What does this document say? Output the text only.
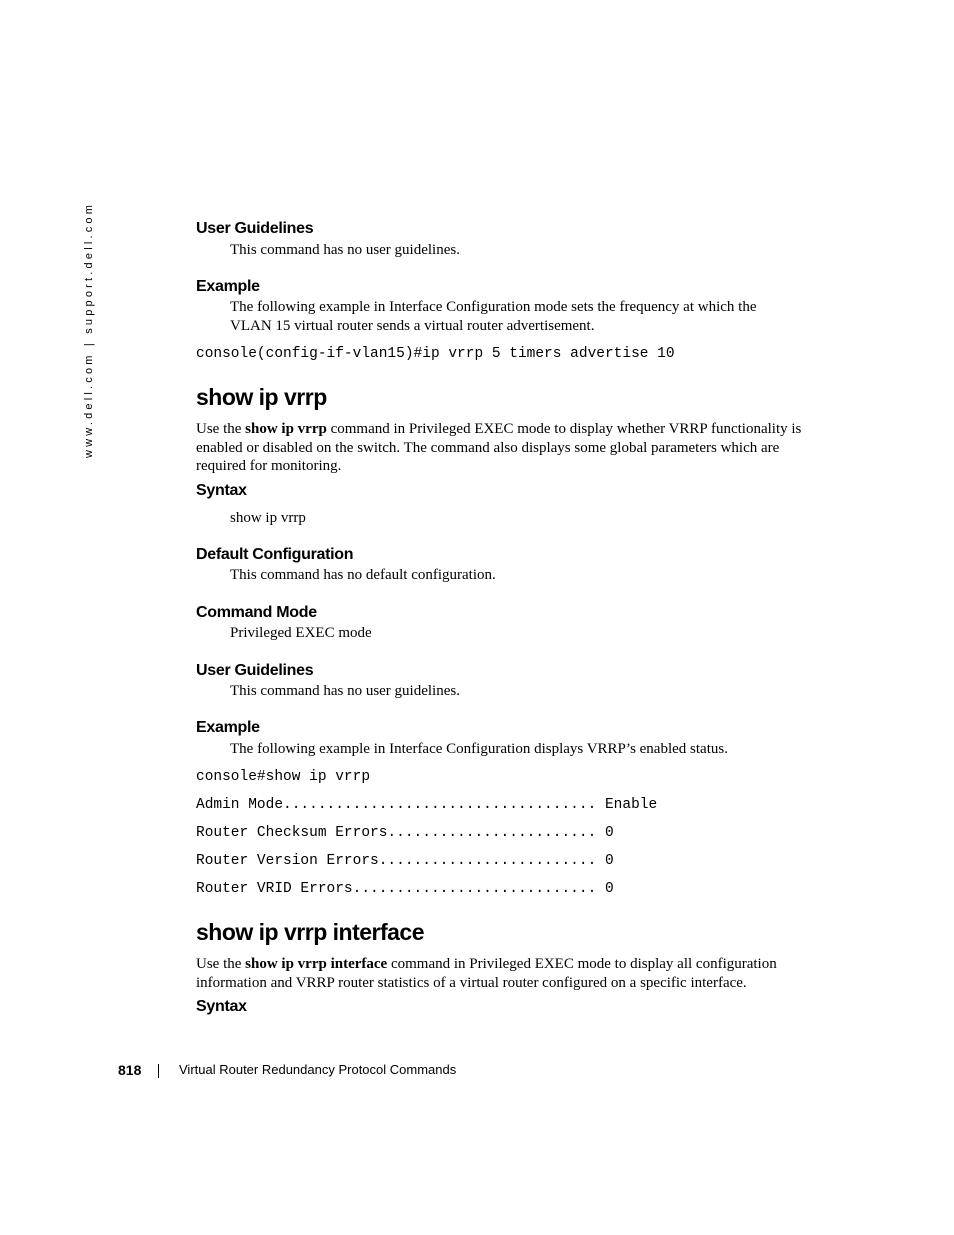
www.dell.com | support.dell.com	User Guidelines
This command has no user guidelines.
Example
The following example in Interface Configuration mode sets the frequency at which the
VLAN 15 virtual router sends a virtual router advertisement.
console(config-if-vlan15)#ip vrrp 5 timers advertise 10
show ip vrrp

Use the show ip vrrp command in Privileged EXEC mode to display whether VRRP functionality is enabled or disabled on the switch. The command also displays some global parameters which are required for monitoring.

Syntax
show ip vrrp
Default Configuration
This command has no default configuration.
Command Mode
Privileged EXEC mode
User Guidelines
This command has no user guidelines.
Example
The following example in Interface Configuration displays VRRP’s enabled status.
console#show ip vrrp
Admin Mode.................................... Enable
Router Checksum Errors........................ 0
Router Version Errors......................... 0
Router VRID Errors............................ 0
show ip vrrp interface

Use the show ip vrrp interface command in Privileged EXEC mode to display all configuration information and VRRP router statistics of a virtual router configured on a specific interface.

Syntax
818	Virtual Router Redundancy Protocol Commands
